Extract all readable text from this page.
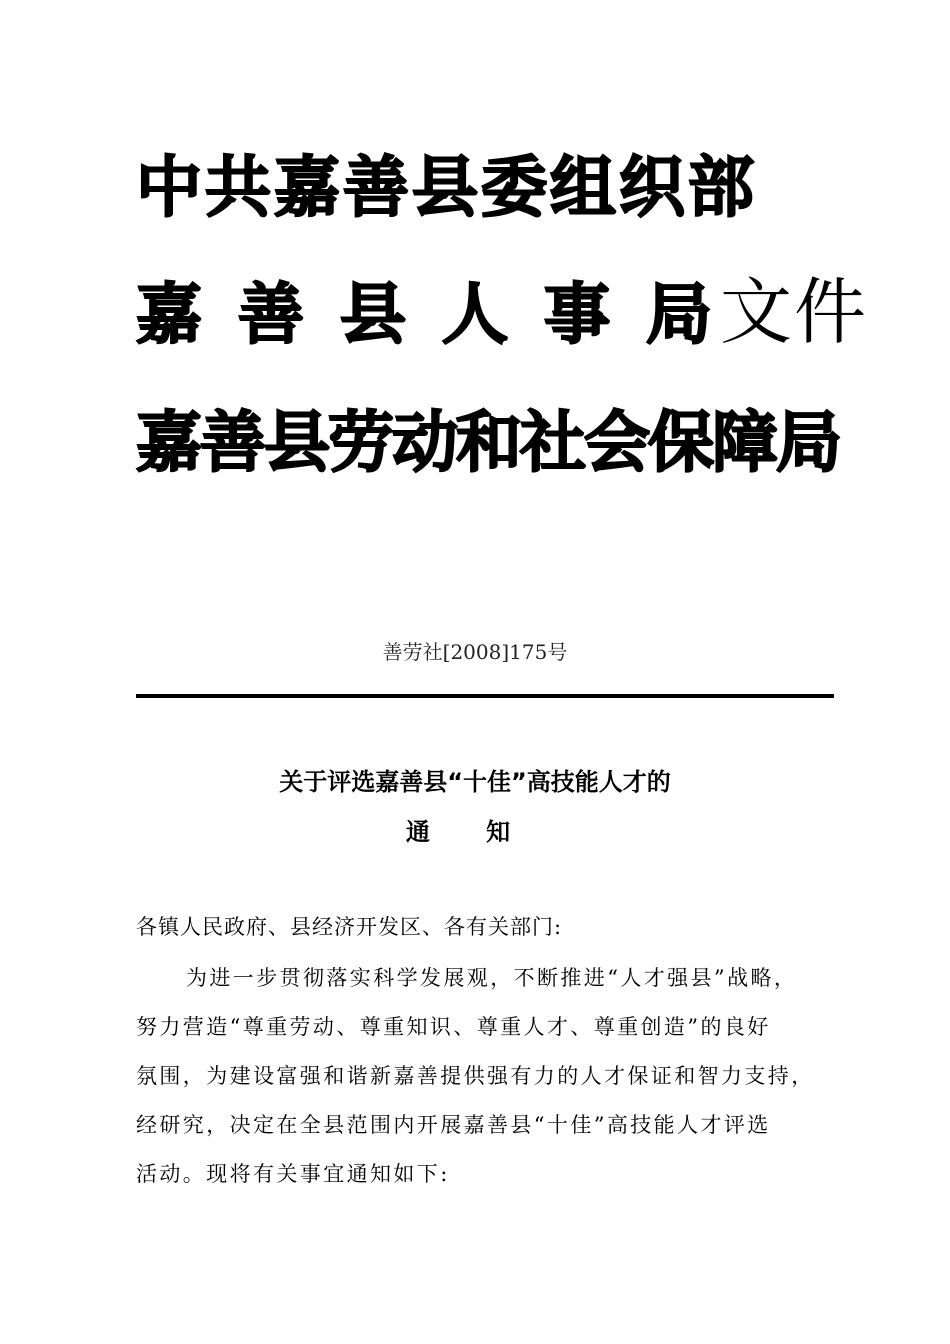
中共嘉善县委组织部
嘉善县人事局
嘉善县劳动和社会保障局
文件
善劳社[2008]175号
关于评选嘉善县“十佳”高技能人才的
通 知
各镇人民政府、县经济开发区、各有关部门:
为进一步贯彻落实科学发展观，不断推进“人才强县”战略，
努力营造“尊重劳动、尊重知识、尊重人才、尊重创造”的良好
氛围，为建设富强和谐新嘉善提供强有力的人才保证和智力支持，
经研究，决定在全县范围内开展嘉善县“十佳”高技能人才评选
活动。现将有关事宜通知如下:
